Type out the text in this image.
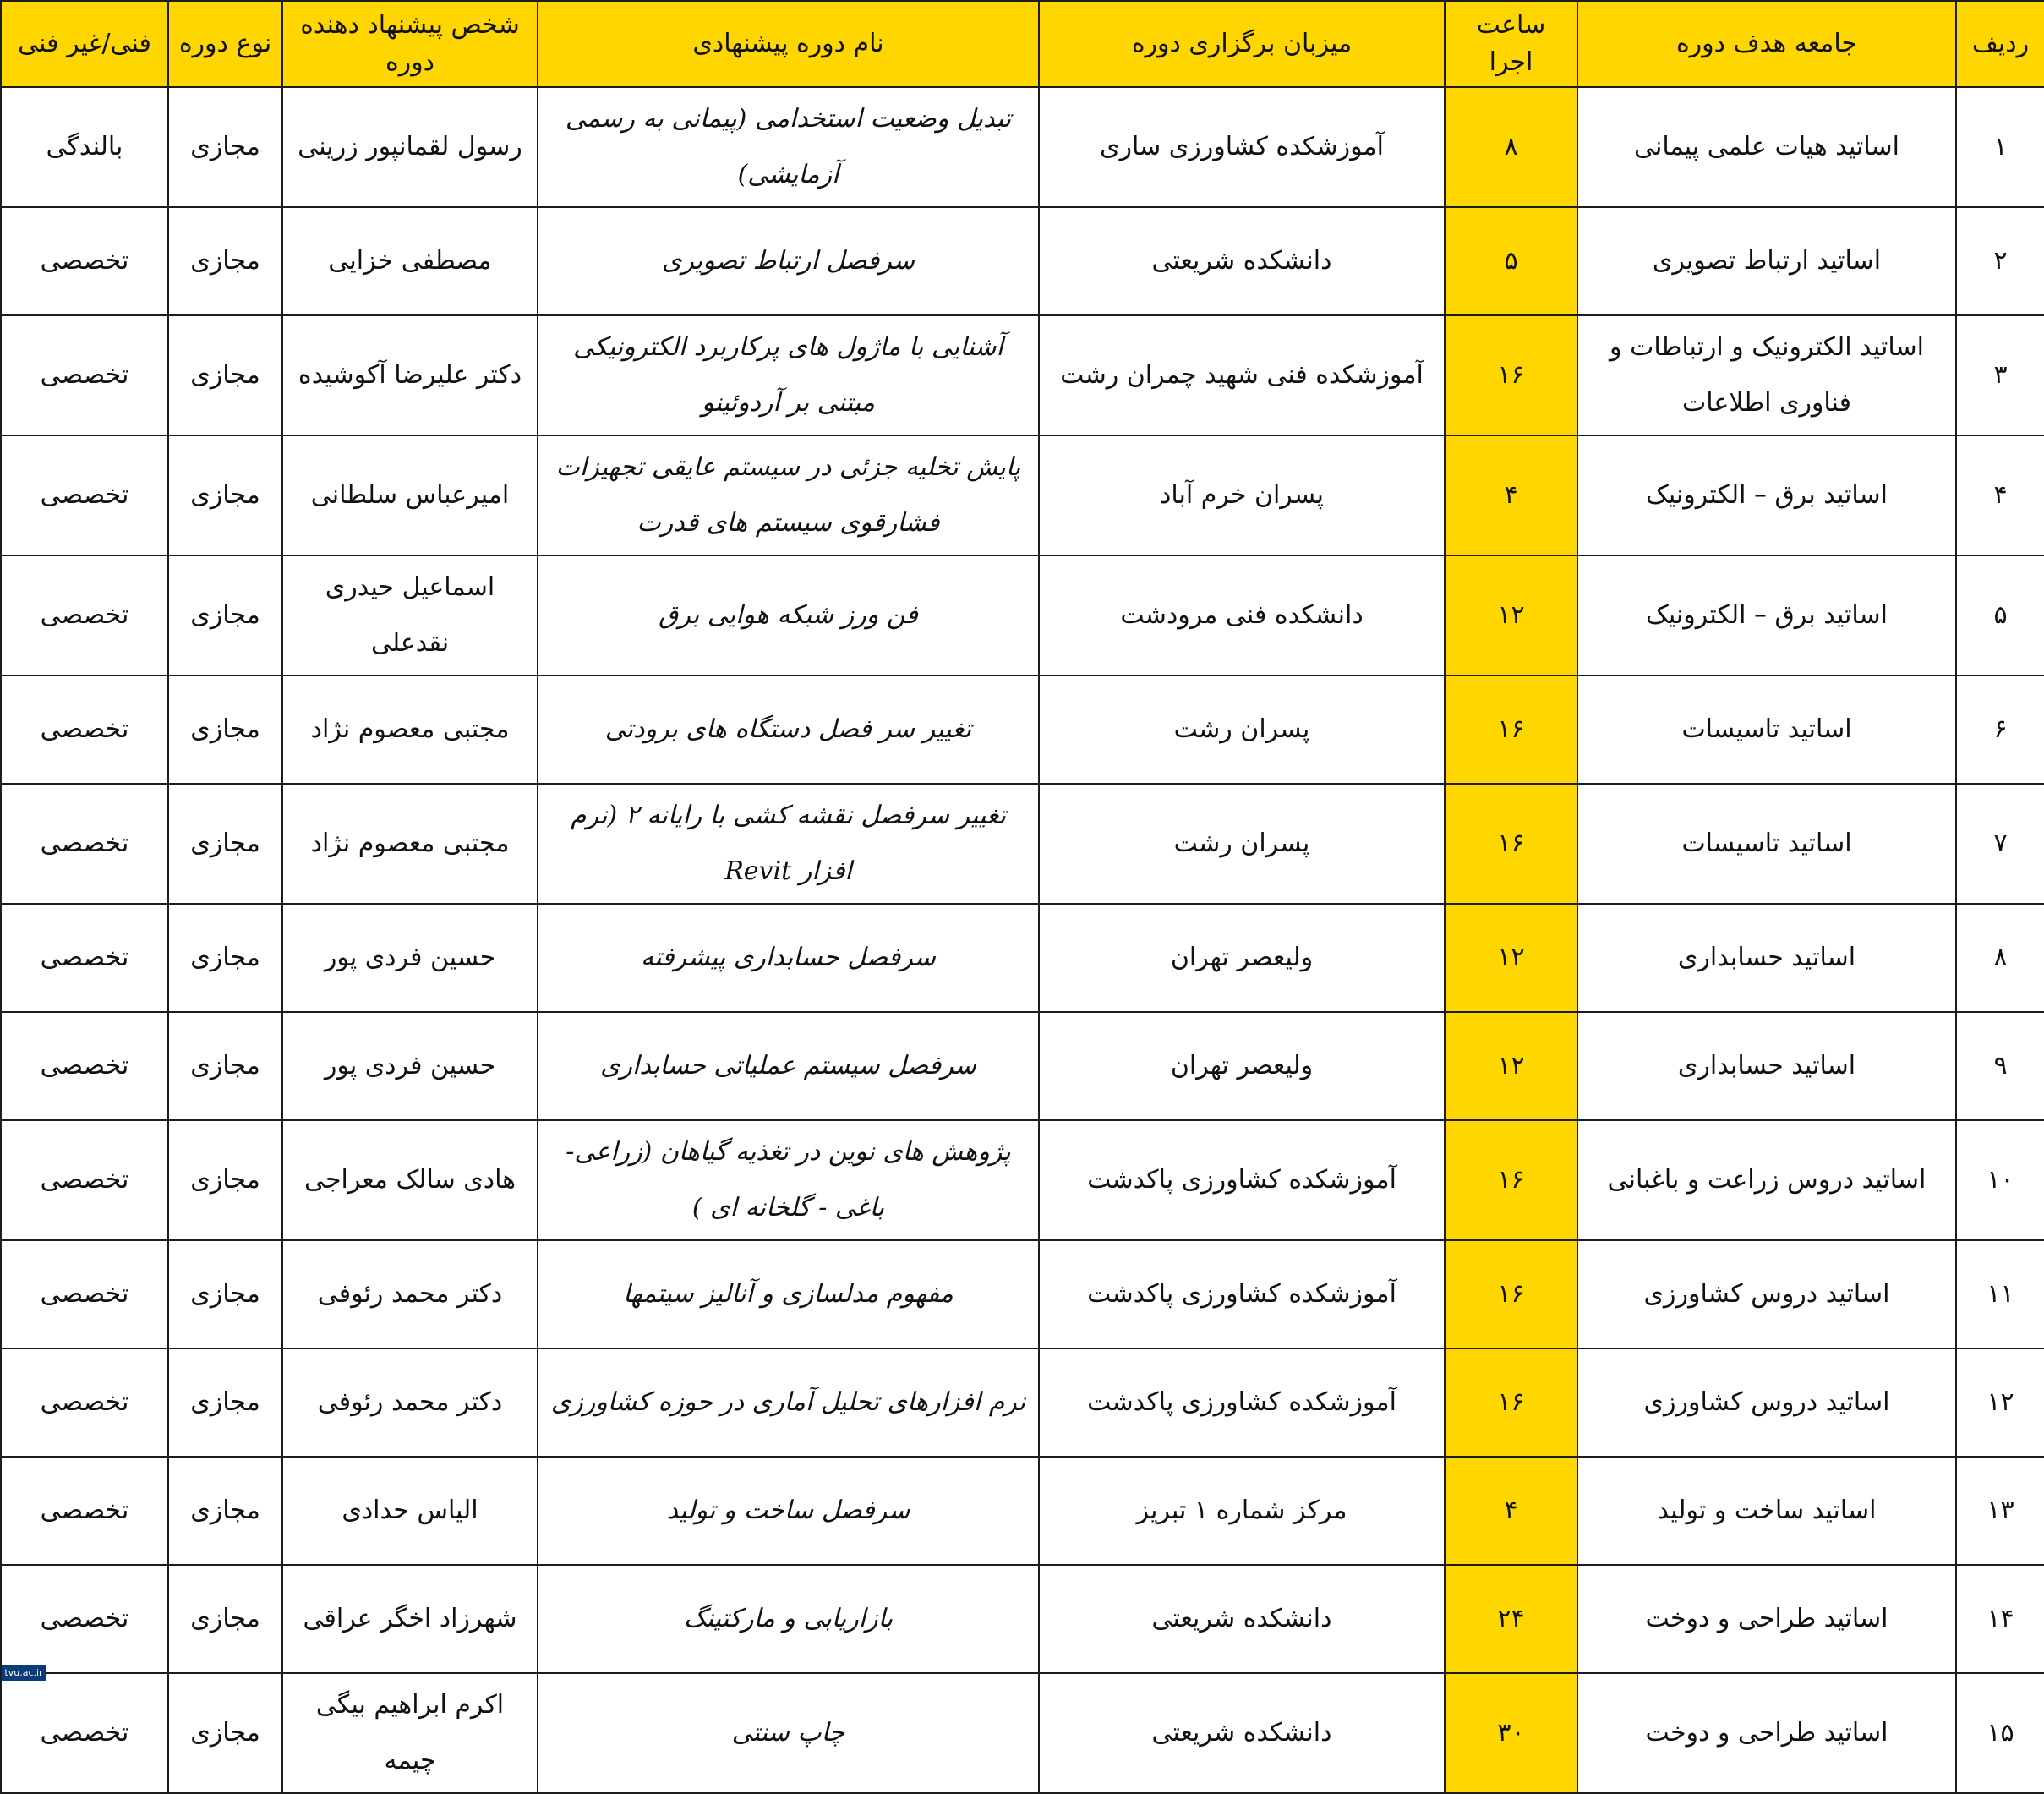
ردیف	جامعه هدف دوره	ساعت اجرا	میزبان برگزاری دوره	نام دوره پیشنهادی	شخص پیشنهاد دهنده دوره	نوع دوره	فنی/غیر فنی
۱	اساتید هیات علمی پیمانی	۸	آموزشکده کشاورزی ساری	تبدیل وضعیت استخدامی (پیمانی به رسمی آزمایشی)	رسول لقمانپور زرینی	مجازی	بالندگی
۲	اساتید ارتباط تصویری	۵	دانشکده شریعتی	سرفصل ارتباط تصویری	مصطفی خزایی	مجازی	تخصصی
۳	اساتید الکترونیک و ارتباطات و فناوری اطلاعات	۱۶	آموزشکده فنی شهید چمران رشت	آشنایی با ماژول های پرکاربرد الکترونیکی مبتنی بر آردوئینو	دکتر علیرضا آکوشیده	مجازی	تخصصی
۴	اساتید برق – الکترونیک	۴	پسران خرم آباد	پایش تخلیه جزئی در سیستم عایقی تجهیزات فشارقوی سیستم های قدرت	امیرعباس سلطانی	مجازی	تخصصی
۵	اساتید برق – الکترونیک	۱۲	دانشکده فنی مرودشت	فن ورز شبکه هوایی برق	اسماعیل حیدری نقدعلی	مجازی	تخصصی
۶	اساتید تاسیسات	۱۶	پسران رشت	تغییر سر فصل دستگاه های برودتی	مجتبی معصوم نژاد	مجازی	تخصصی
۷	اساتید تاسیسات	۱۶	پسران رشت	تغییر سرفصل نقشه کشی با رایانه ۲ (نرم افزار Revit	مجتبی معصوم نژاد	مجازی	تخصصی
۸	اساتید حسابداری	۱۲	ولیعصر تهران	سرفصل حسابداری پیشرفته	حسین فردی پور	مجازی	تخصصی
۹	اساتید حسابداری	۱۲	ولیعصر تهران	سرفصل سیستم عملیاتی حسابداری	حسین فردی پور	مجازی	تخصصی
۱۰	اساتید دروس زراعت و باغبانی	۱۶	آموزشکده کشاورزی پاکدشت	پژوهش های نوین در تغذیه گیاهان (زراعی- باغی - گلخانه ای )	هادی سالک معراجی	مجازی	تخصصی
۱۱	اساتید دروس کشاورزی	۱۶	آموزشکده کشاورزی پاکدشت	مفهوم مدلسازی و آنالیز سیتمها	دکتر محمد رئوفی	مجازی	تخصصی
۱۲	اساتید دروس کشاورزی	۱۶	آموزشکده کشاورزی پاکدشت	نرم افزارهای تحلیل آماری در حوزه کشاورزی	دکتر محمد رئوفی	مجازی	تخصصی
۱۳	اساتید ساخت و تولید	۴	مرکز شماره ۱ تبریز	سرفصل ساخت و تولید	الیاس حدادی	مجازی	تخصصی
۱۴	اساتید طراحی و دوخت	۲۴	دانشکده شریعتی	بازاریابی و مارکتینگ	شهرزاد اخگر عراقی	مجازی	تخصصی
۱۵	اساتید طراحی و دوخت	۳۰	دانشکده شریعتی	چاپ سنتی	اکرم ابراهیم بیگی چیمه	مجازی	تخصصی
tvu.ac.ir
